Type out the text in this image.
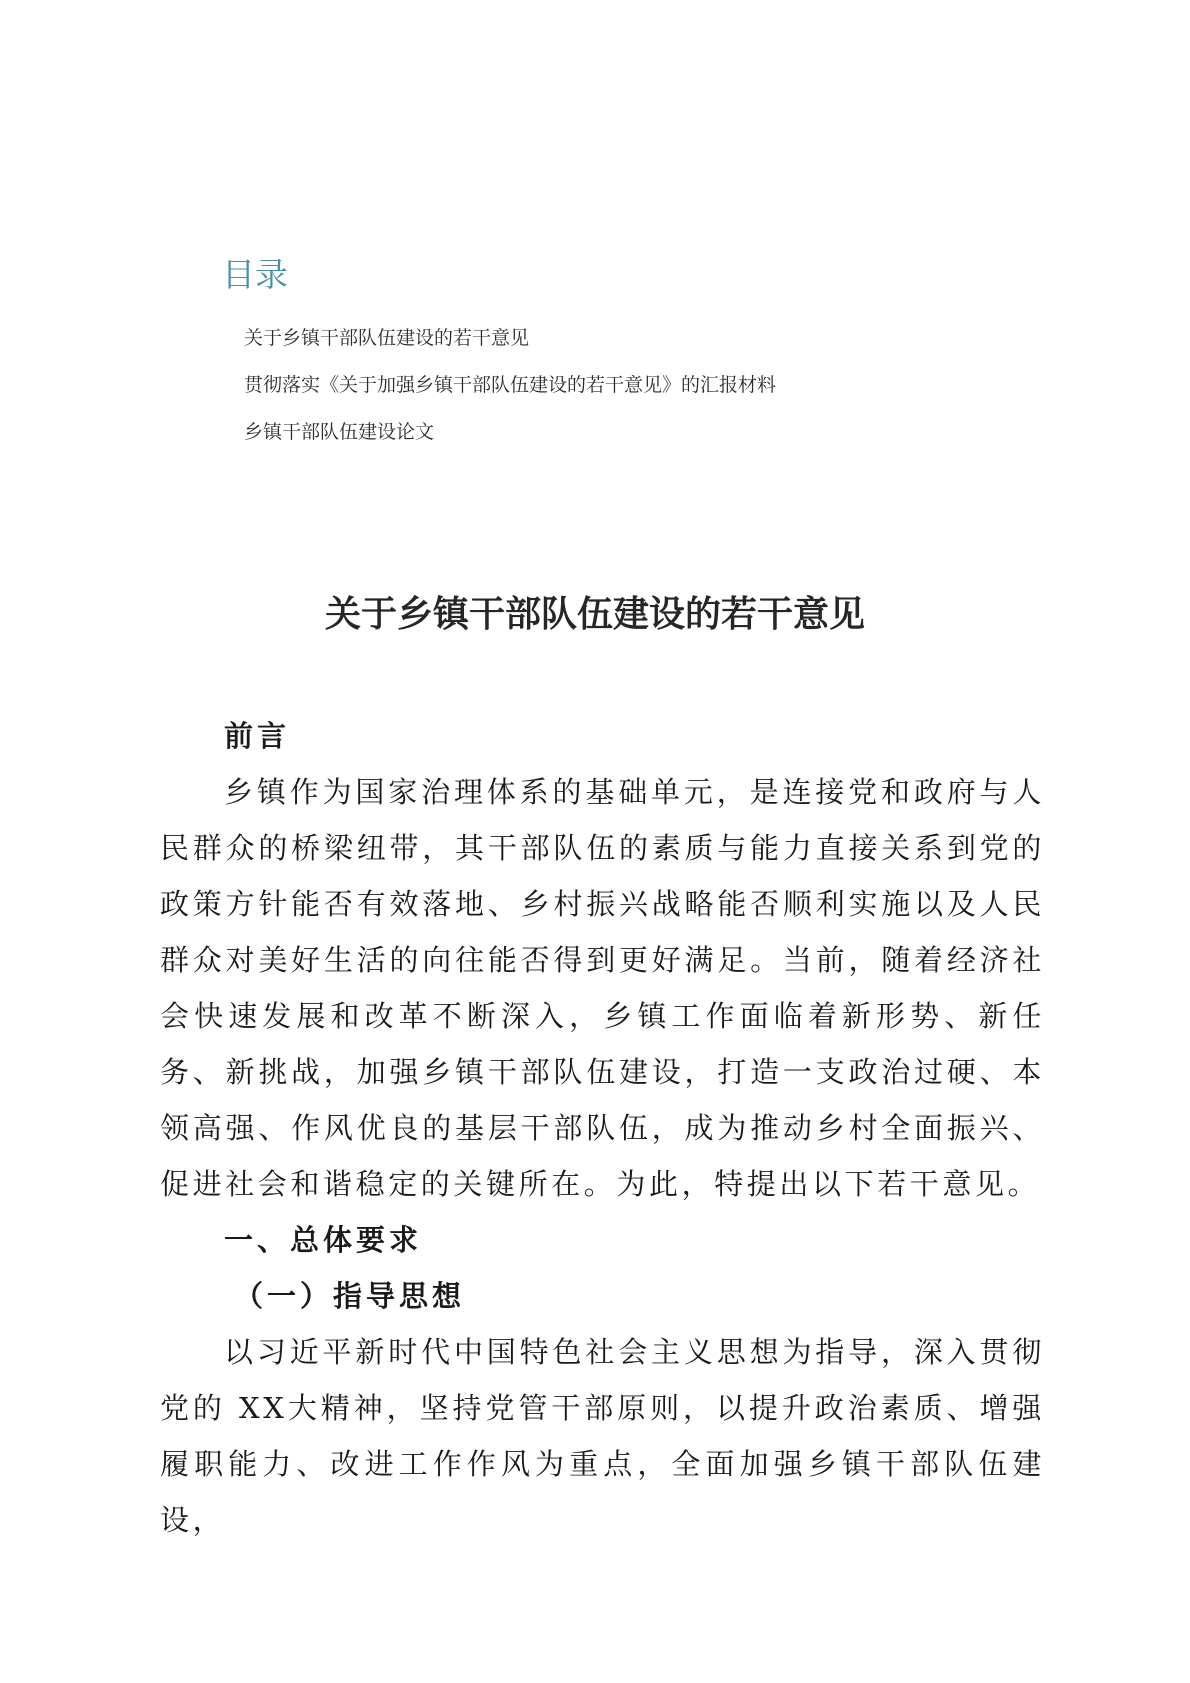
目录
关于乡镇干部队伍建设的若干意见
贯彻落实《关于加强乡镇干部队伍建设的若干意见》的汇报材料
乡镇干部队伍建设论文
关于乡镇干部队伍建设的若干意见

前言

乡镇作为国家治理体系的基础单元，是连接党和政府与人民群众的桥梁纽带，其干部队伍的素质与能力直接关系到党的政策方针能否有效落地、乡村振兴战略能否顺利实施以及人民群众对美好生活的向往能否得到更好满足。当前，随着经济社会快速发展和改革不断深入，乡镇工作面临着新形势、新任务、新挑战，加强乡镇干部队伍建设，打造一支政治过硬、本领高强、作风优良的基层干部队伍，成为推动乡村全面振兴、促进社会和谐稳定的关键所在。为此，特提出以下若干意见。

一、总体要求

（一）指导思想

以习近平新时代中国特色社会主义思想为指导，深入贯彻党的 XX大精神，坚持党管干部原则，以提升政治素质、增强履职能力、改进工作作风为重点，全面加强乡镇干部队伍建设，
